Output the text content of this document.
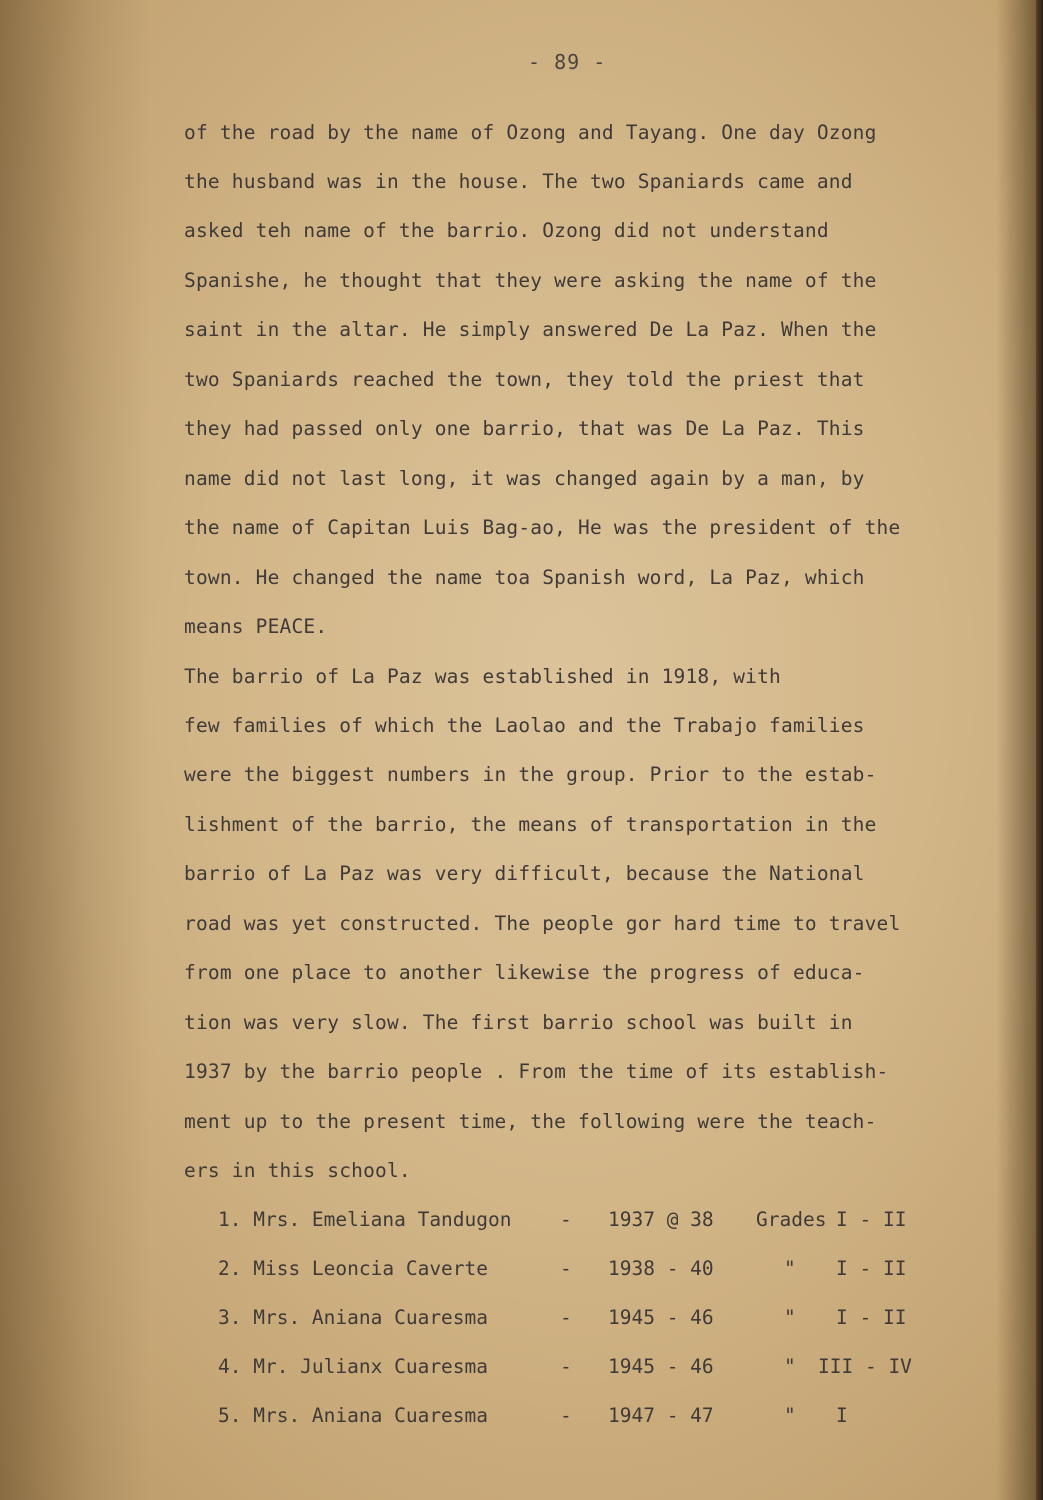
- 89 -
of the road by the name of Ozong and Tayang. One day Ozong
the husband was in the house. The two Spaniards came and
asked teh name of the barrio. Ozong did not understand
Spanishe, he thought that they were asking the name of the
saint in the altar. He simply answered De La Paz. When the
two Spaniards reached the town, they told the priest that
they had passed only one barrio, that was De La Paz. This
name did not last long, it was changed again by a man, by
the name of Capitan Luis Bag-ao, He was the president of the
town. He changed the name toa Spanish word, La Paz, which
means PEACE.
The barrio of La Paz was established in 1918, with
few families of which the Laolao and the Trabajo families
were the biggest numbers in the group. Prior to the estab-
lishment of the barrio, the means of transportation in the
barrio of La Paz was very difficult, because the National
road was yet constructed. The people gor hard time to travel
from one place to another likewise the progress of educa-
tion was very slow. The first barrio school was built in
1937 by the barrio people . From the time of its establish-
ment up to the present time, the following were the teach-
ers in this school.
1. Mrs. Emeliana Tandugon - 1937 @ 38 Grades I - II
2. Miss Leoncia Caverte	- 1938 - 40	" I - II
3. Mrs. Aniana Cuaresma	- 1945 - 46	" I - II
4. Mr. Julianx Cuaresma	- 1945 - 46	" III - IV
5. Mrs. Aniana Cuaresma	- 1947 - 47	" I
